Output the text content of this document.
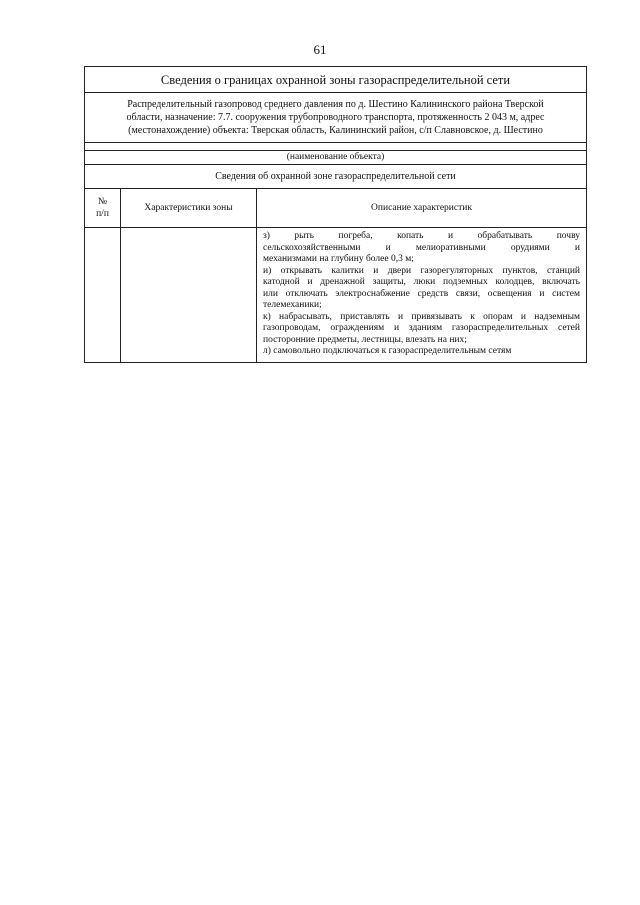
61
Сведения о границах охранной зоны газораспределительной сети
Распределительный газопровод среднего давления по д. Шестино Калининского района Тверской
области, назначение: 7.7. сооружения трубопроводного транспорта, протяженность 2 043 м, адрес
(местонахождение) объекта: Тверская область, Калининский район, с/п Славновское, д. Шестино
(наименование объекта)
Сведения об охранной зоне газораспределительной сети
№
п/п
Характеристики зоны	Описание характеристик

з) рыть погреба, копать и обрабатывать почву

сельскохозяйственными и мелиоративными орудиями и

механизмами на глубину более 0,3 м;

и) открывать калитки и двери газорегуляторных пунктов, станций

катодной и дренажной защиты, люки подземных колодцев, включать

или отключать электроснабжение средств связи, освещения и систем

телемеханики;

к) набрасывать, приставлять и привязывать к опорам и надземным

газопроводам, ограждениям и зданиям газораспределительных сетей

посторонние предметы, лестницы, влезать на них;

л) самовольно подключаться к газораспределительным сетям
